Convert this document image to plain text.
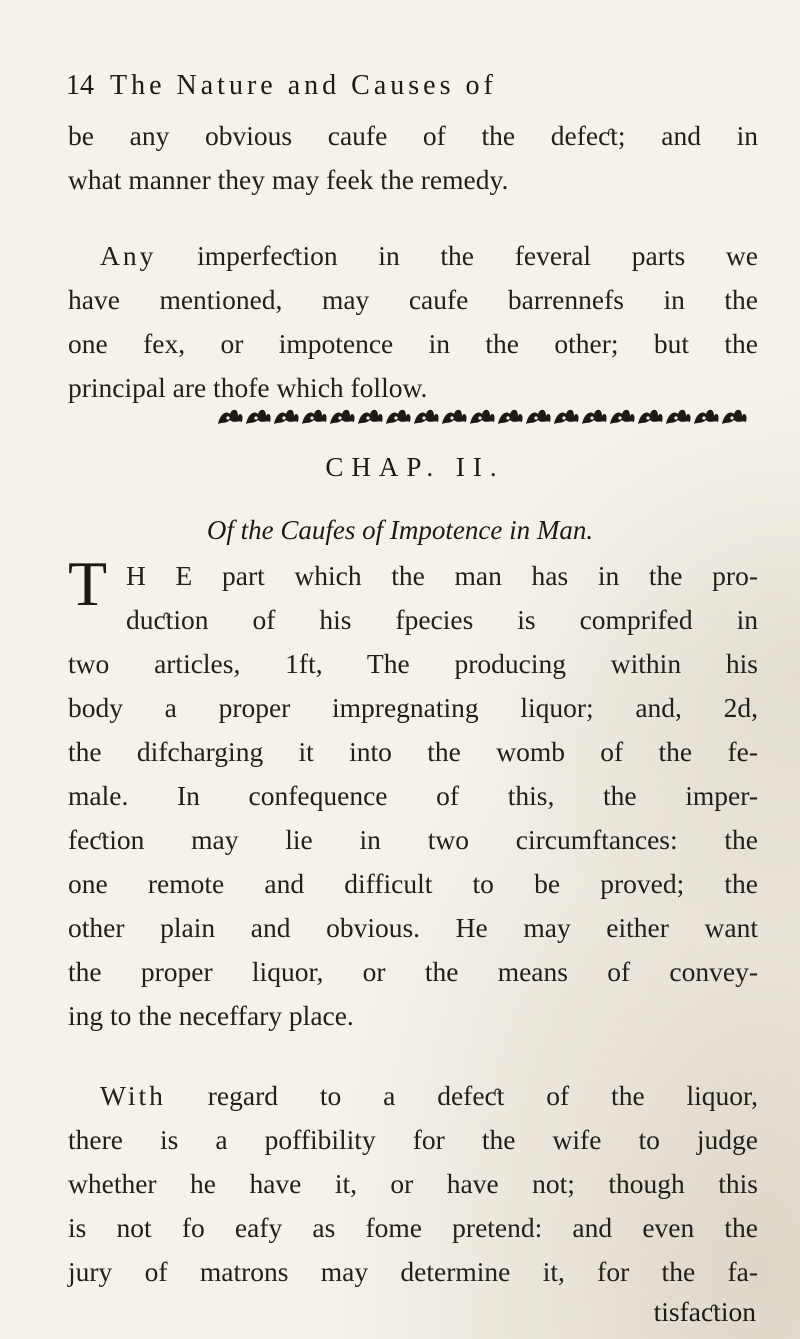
14 The Nature and Causes of
be any obvious caufe of the defeƈt; and in
what manner they may feek the remedy.
Any imperfeƈtion in the feveral parts we
have mentioned, may caufe barrennefs in the
one fex, or impotence in the other; but the
principal are thofe which follow.
CHAP. II.
Of the Caufes of Impotence in Man.
T H E part which the man has in the pro-
duƈtion of his fpecies is comprifed in
two articles, 1ft, The producing within his
body a proper impregnating liquor; and, 2d,
the difcharging it into the womb of the fe-
male. In confequence of this, the imper-
feƈtion may lie in two circumftances: the
one remote and difficult to be proved; the
other plain and obvious. He may either want
the proper liquor, or the means of convey-
ing to the neceffary place.
With regard to a defeƈt of the liquor,
there is a poffibility for the wife to judge
whether he have it, or have not; though this
is not fo eafy as fome pretend: and even the
jury of matrons may determine it, for the fa-
tisfaƈtion
